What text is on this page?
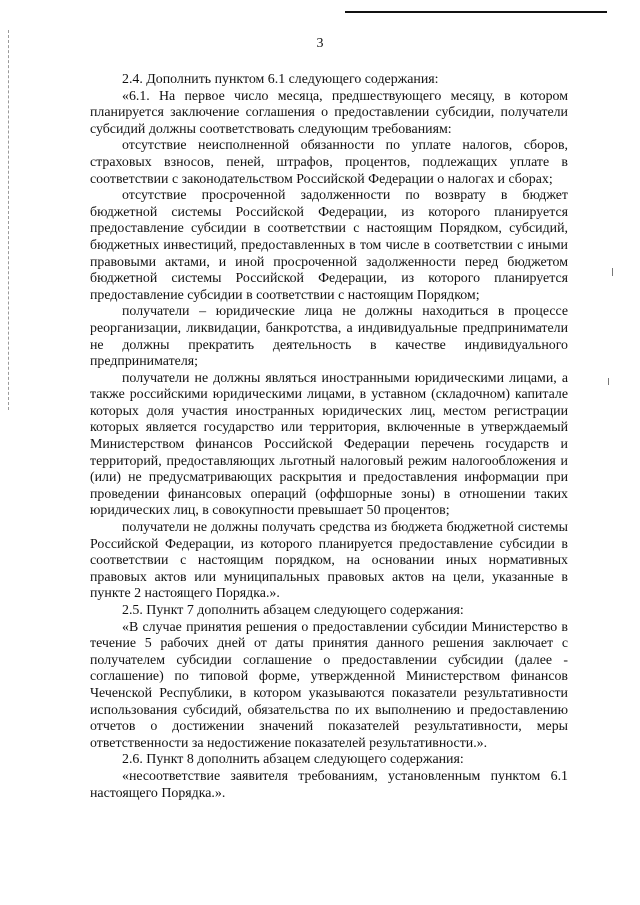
3

2.4. Дополнить пунктом 6.1 следующего содержания:

«6.1. На первое число месяца, предшествующего месяцу, в котором планируется заключение соглашения о предоставлении субсидии, получатели субсидий должны соответствовать следующим требованиям:

отсутствие неисполненной обязанности по уплате налогов, сборов, страховых взносов, пеней, штрафов, процентов, подлежащих уплате в соответствии с законодательством Российской Федерации о налогах и сборах;

отсутствие просроченной задолженности по возврату в бюджет бюджетной системы Российской Федерации, из которого планируется предоставление субсидии в соответствии с настоящим Порядком, субсидий, бюджетных инвестиций, предоставленных в том числе в соответствии с иными правовыми актами, и иной просроченной задолженности перед бюджетом бюджетной системы Российской Федерации, из которого планируется предоставление субсидии в соответствии с настоящим Порядком;

получатели – юридические лица не должны находиться в процессе реорганизации, ликвидации, банкротства, а индивидуальные предприниматели не должны прекратить деятельность в качестве индивидуального предпринимателя;

получатели не должны являться иностранными юридическими лицами, а также российскими юридическими лицами, в уставном (складочном) капитале которых доля участия иностранных юридических лиц, местом регистрации которых является государство или территория, включенные в утверждаемый Министерством финансов Российской Федерации перечень государств и территорий, предоставляющих льготный налоговый режим налогообложения и (или) не предусматривающих раскрытия и предоставления информации при проведении финансовых операций (оффшорные зоны) в отношении таких юридических лиц, в совокупности превышает 50 процентов;

получатели не должны получать средства из бюджета бюджетной системы Российской Федерации, из которого планируется предоставление субсидии в соответствии с настоящим порядком, на основании иных нормативных правовых актов или муниципальных правовых актов на цели, указанные в пункте 2 настоящего Порядка.».

2.5. Пункт 7 дополнить абзацем следующего содержания:

«В случае принятия решения о предоставлении субсидии Министерство в течение 5 рабочих дней от даты принятия данного решения заключает с получателем субсидии соглашение о предоставлении субсидии (далее - соглашение) по типовой форме, утвержденной Министерством финансов Чеченской Республики, в котором указываются показатели результативности использования субсидий, обязательства по их выполнению и предоставлению отчетов о достижении значений показателей результативности, меры ответственности за недостижение показателей результативности.».

2.6. Пункт 8 дополнить абзацем следующего содержания:

«несоответствие заявителя требованиям, установленным пунктом 6.1 настоящего Порядка.».
